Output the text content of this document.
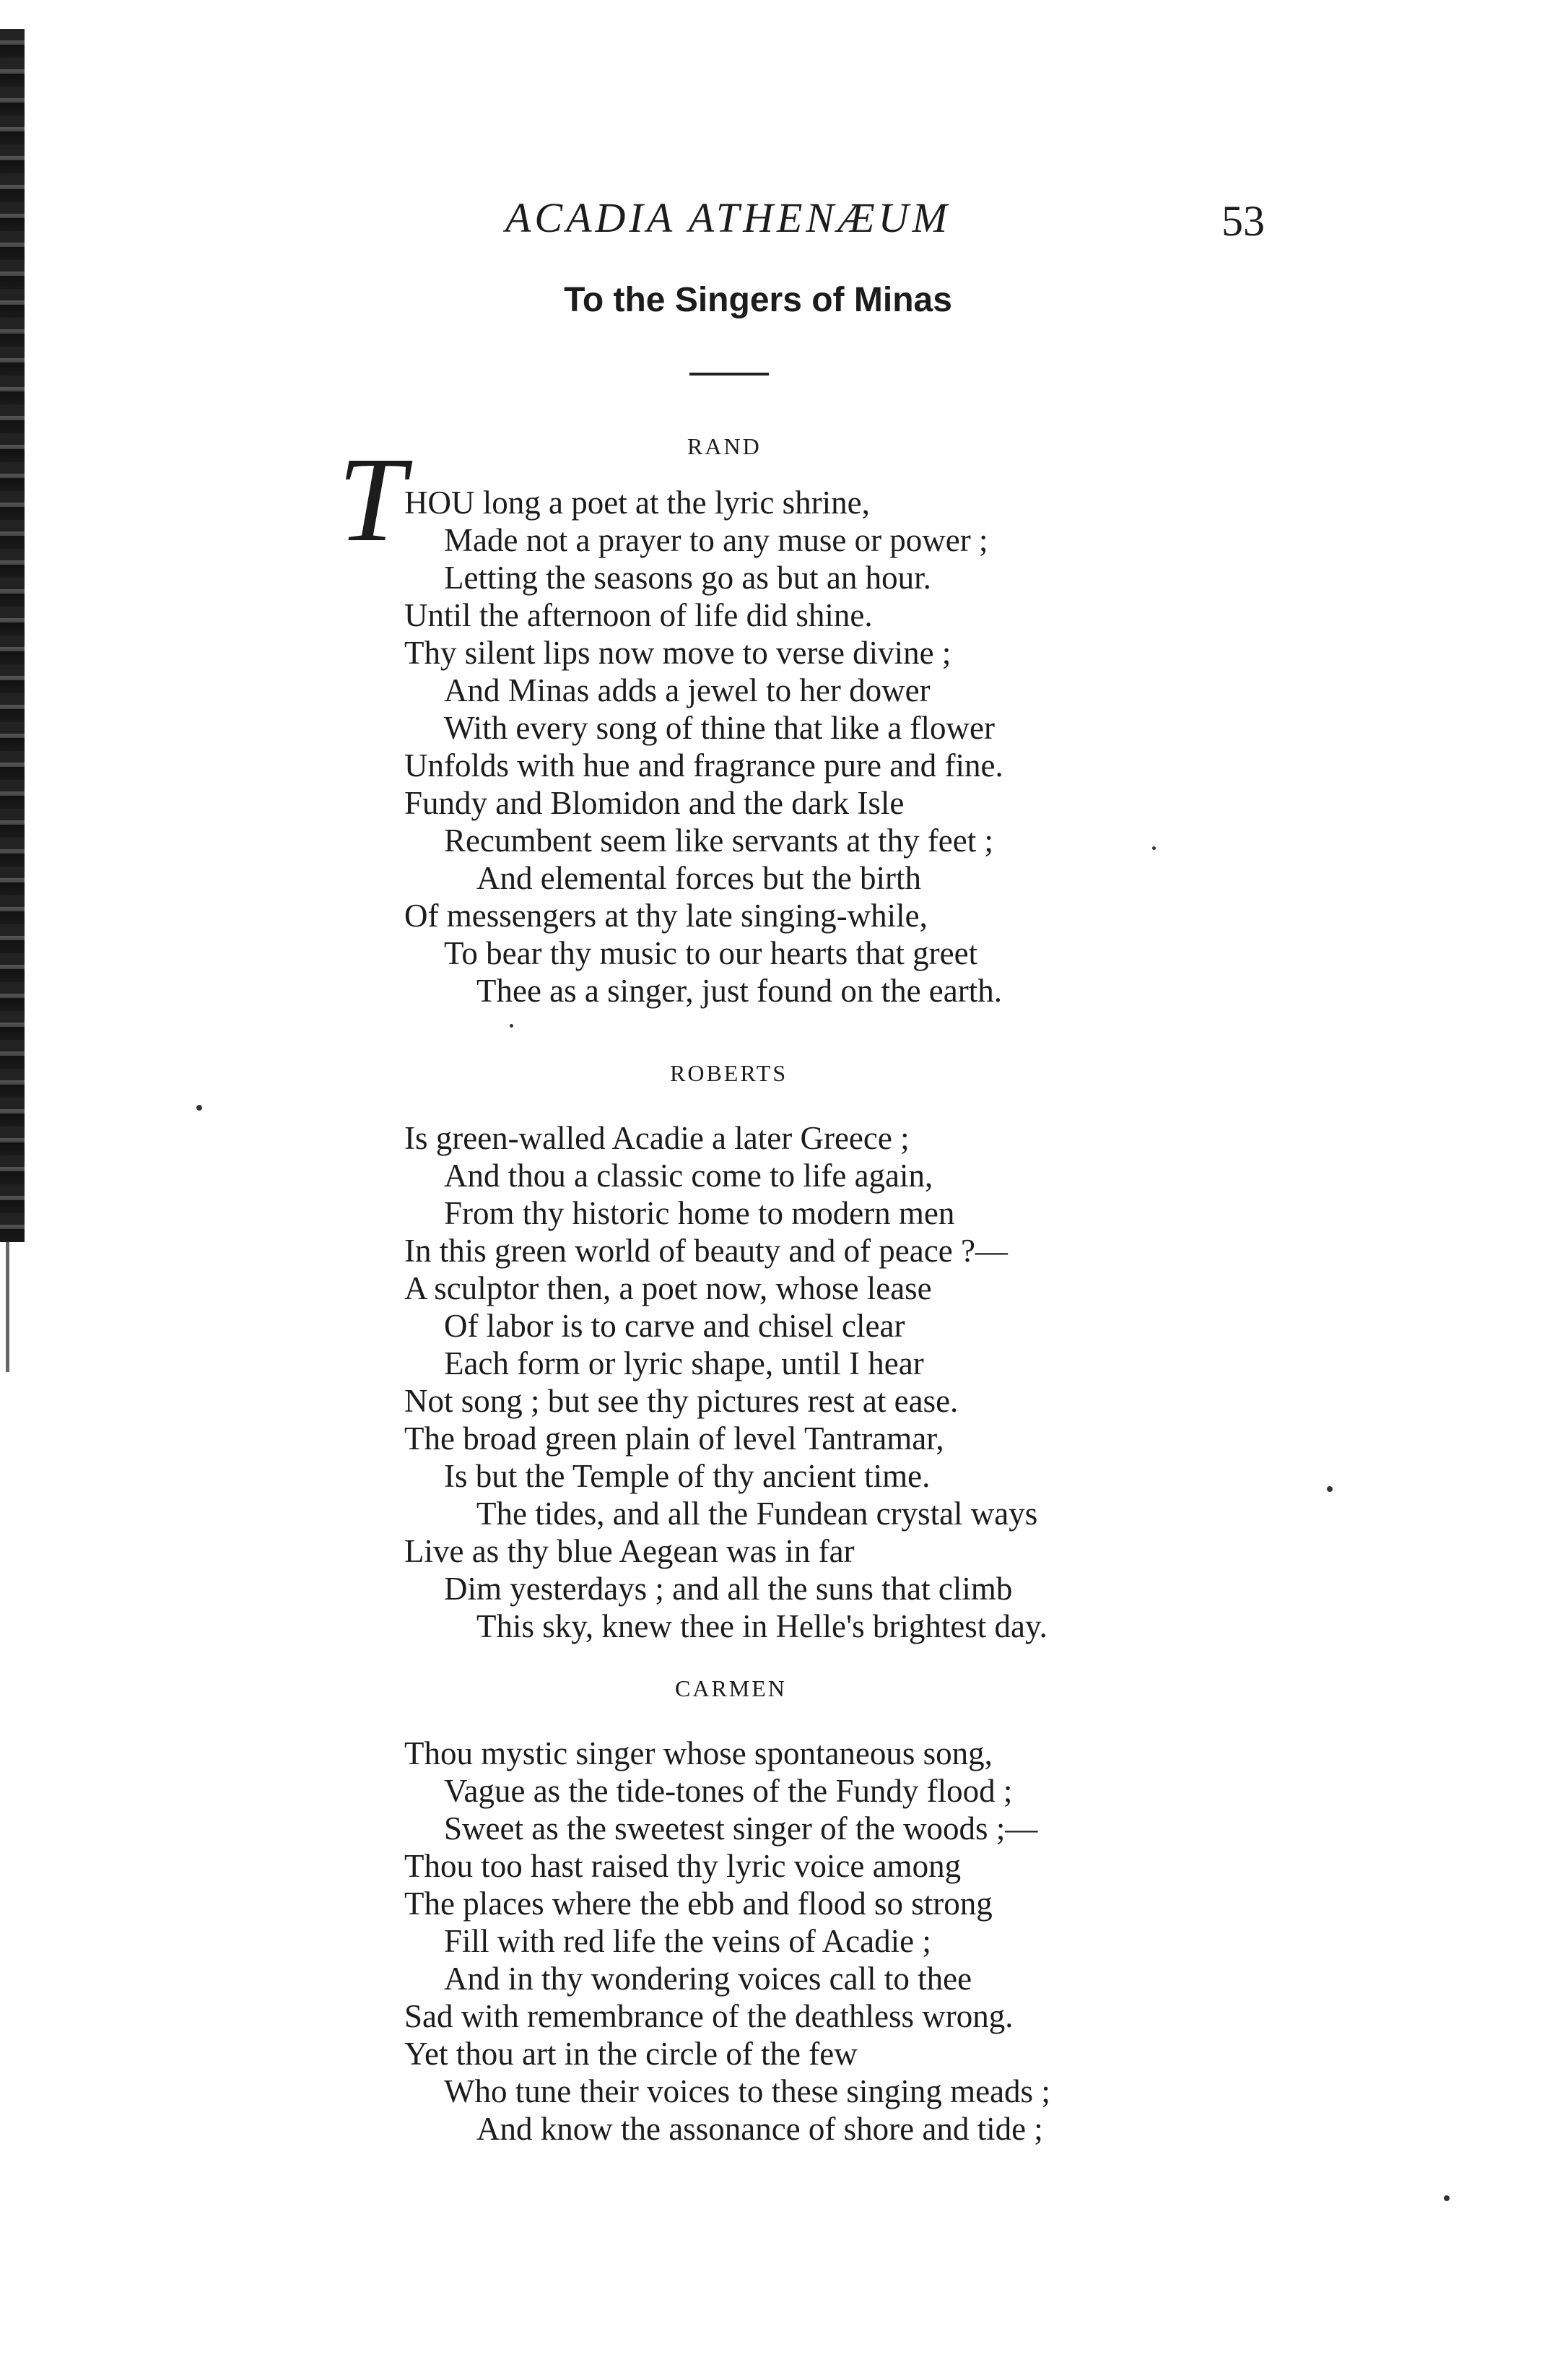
ACADIA ATHENÆUM	53
To the Singers of Minas
RAND
T
HOU long a poet at the lyric shrine,
Made not a prayer to any muse or power ;
Letting the seasons go as but an hour.
Until the afternoon of life did shine.
Thy silent lips now move to verse divine ;
And Minas adds a jewel to her dower
With every song of thine that like a flower
Unfolds with hue and fragrance pure and fine.
Fundy and Blomidon and the dark Isle
Recumbent seem like servants at thy feet ;
And elemental forces but the birth
Of messengers at thy late singing-while,
To bear thy music to our hearts that greet
Thee as a singer, just found on the earth.
ROBERTS
Is green-walled Acadie a later Greece ;
And thou a classic come to life again,
From thy historic home to modern men
In this green world of beauty and of peace ?—
A sculptor then, a poet now, whose lease
Of labor is to carve and chisel clear
Each form or lyric shape, until I hear
Not song ; but see thy pictures rest at ease.
The broad green plain of level Tantramar,
Is but the Temple of thy ancient time.
The tides, and all the Fundean crystal ways
Live as thy blue Aegean was in far
Dim yesterdays ; and all the suns that climb
This sky, knew thee in Helle's brightest day.
CARMEN
Thou mystic singer whose spontaneous song,
Vague as the tide-tones of the Fundy flood ;
Sweet as the sweetest singer of the woods ;—
Thou too hast raised thy lyric voice among
The places where the ebb and flood so strong
Fill with red life the veins of Acadie ;
And in thy wondering voices call to thee
Sad with remembrance of the deathless wrong.
Yet thou art in the circle of the few
Who tune their voices to these singing meads ;
And know the assonance of shore and tide ;
